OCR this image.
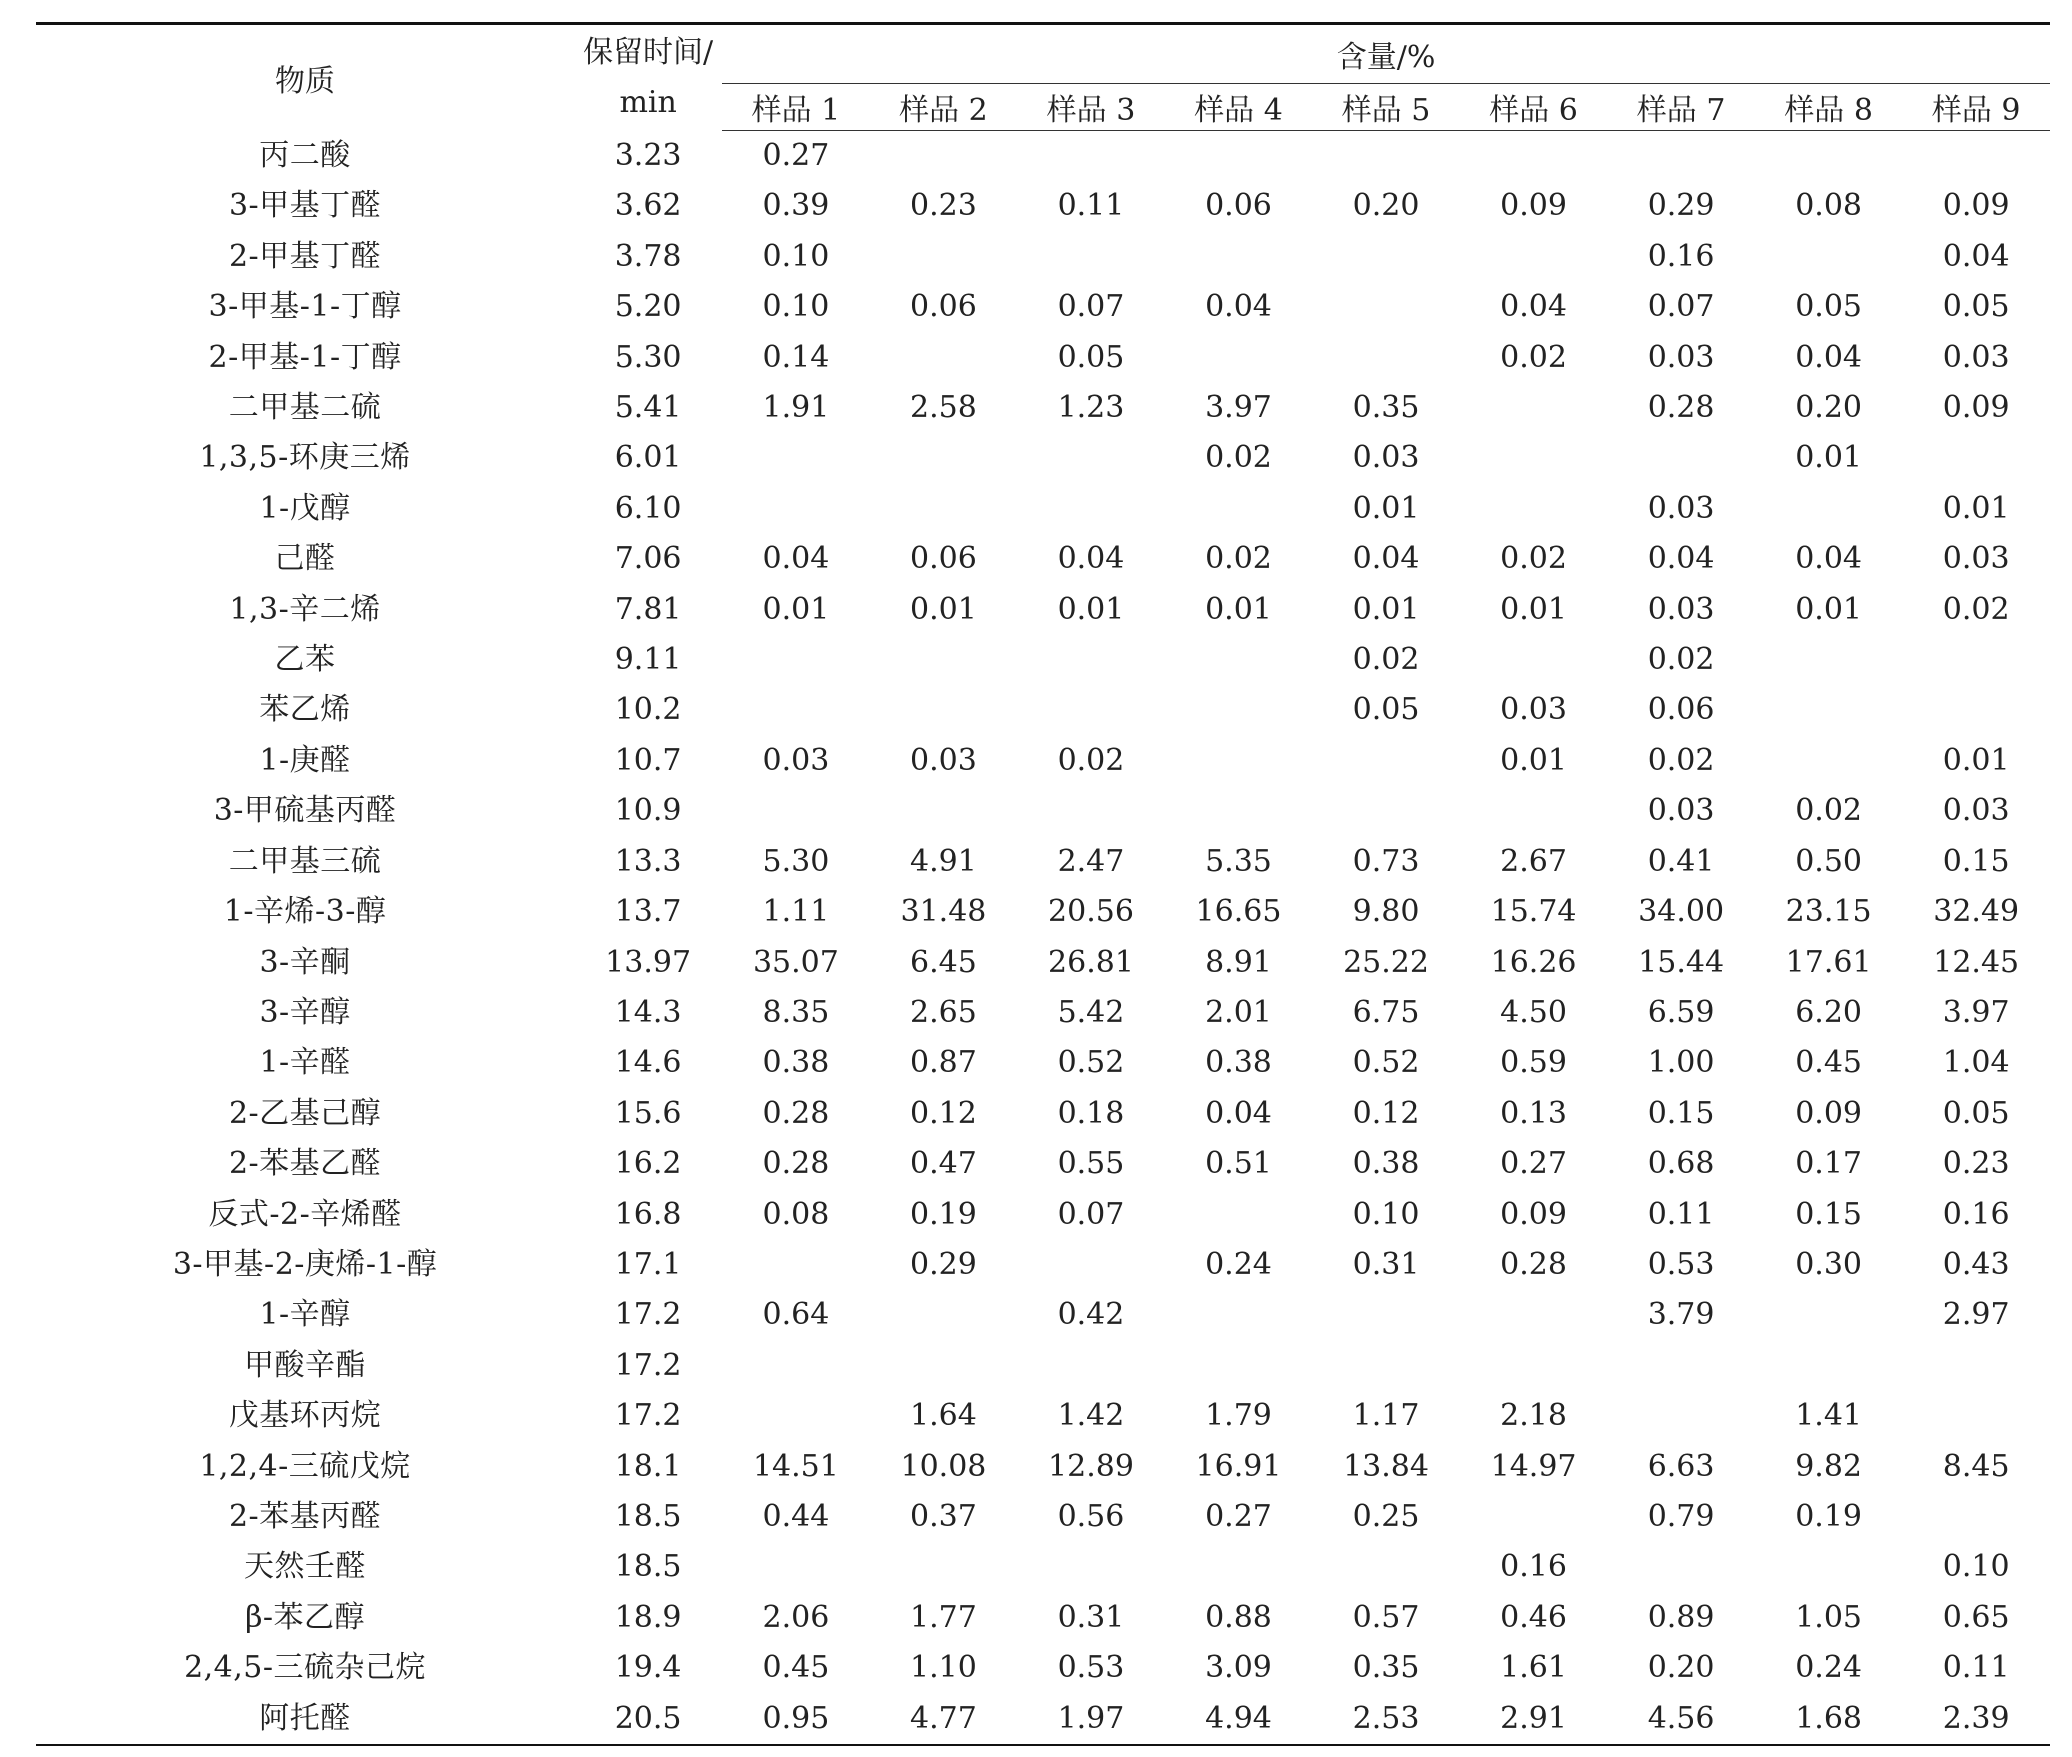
物质	保留时间/
min	含量/%								
		样品 1	样品 2	样品 3	样品 4	样品 5	样品 6	样品 7	样品 8	样品 9
丙二酸	3.23	0.27								
3-甲基丁醛	3.62	0.39	0.23	0.11	0.06	0.20	0.09	0.29	0.08	0.09
2-甲基丁醛	3.78	0.10						0.16		0.04
3-甲基-1-丁醇	5.20	0.10	0.06	0.07	0.04		0.04	0.07	0.05	0.05
2-甲基-1-丁醇	5.30	0.14		0.05			0.02	0.03	0.04	0.03
二甲基二硫	5.41	1.91	2.58	1.23	3.97	0.35		0.28	0.20	0.09
1,3,5-环庚三烯	6.01				0.02	0.03			0.01	
1-戊醇	6.10					0.01		0.03		0.01
己醛	7.06	0.04	0.06	0.04	0.02	0.04	0.02	0.04	0.04	0.03
1,3-辛二烯	7.81	0.01	0.01	0.01	0.01	0.01	0.01	0.03	0.01	0.02
乙苯	9.11					0.02		0.02		
苯乙烯	10.2					0.05	0.03	0.06		
1-庚醛	10.7	0.03	0.03	0.02			0.01	0.02		0.01
3-甲硫基丙醛	10.9							0.03	0.02	0.03
二甲基三硫	13.3	5.30	4.91	2.47	5.35	0.73	2.67	0.41	0.50	0.15
1-辛烯-3-醇	13.7	1.11	31.48	20.56	16.65	9.80	15.74	34.00	23.15	32.49
3-辛酮	13.97	35.07	6.45	26.81	8.91	25.22	16.26	15.44	17.61	12.45
3-辛醇	14.3	8.35	2.65	5.42	2.01	6.75	4.50	6.59	6.20	3.97
1-辛醛	14.6	0.38	0.87	0.52	0.38	0.52	0.59	1.00	0.45	1.04
2-乙基己醇	15.6	0.28	0.12	0.18	0.04	0.12	0.13	0.15	0.09	0.05
2-苯基乙醛	16.2	0.28	0.47	0.55	0.51	0.38	0.27	0.68	0.17	0.23
反式-2-辛烯醛	16.8	0.08	0.19	0.07		0.10	0.09	0.11	0.15	0.16
3-甲基-2-庚烯-1-醇	17.1		0.29		0.24	0.31	0.28	0.53	0.30	0.43
1-辛醇	17.2	0.64		0.42				3.79		2.97
甲酸辛酯	17.2									
戊基环丙烷	17.2		1.64	1.42	1.79	1.17	2.18		1.41	
1,2,4-三硫戊烷	18.1	14.51	10.08	12.89	16.91	13.84	14.97	6.63	9.82	8.45
2-苯基丙醛	18.5	0.44	0.37	0.56	0.27	0.25		0.79	0.19	
天然壬醛	18.5						0.16			0.10
β-苯乙醇	18.9	2.06	1.77	0.31	0.88	0.57	0.46	0.89	1.05	0.65
2,4,5-三硫杂己烷	19.4	0.45	1.10	0.53	3.09	0.35	1.61	0.20	0.24	0.11
阿托醛	20.5	0.95	4.77	1.97	4.94	2.53	2.91	4.56	1.68	2.39
